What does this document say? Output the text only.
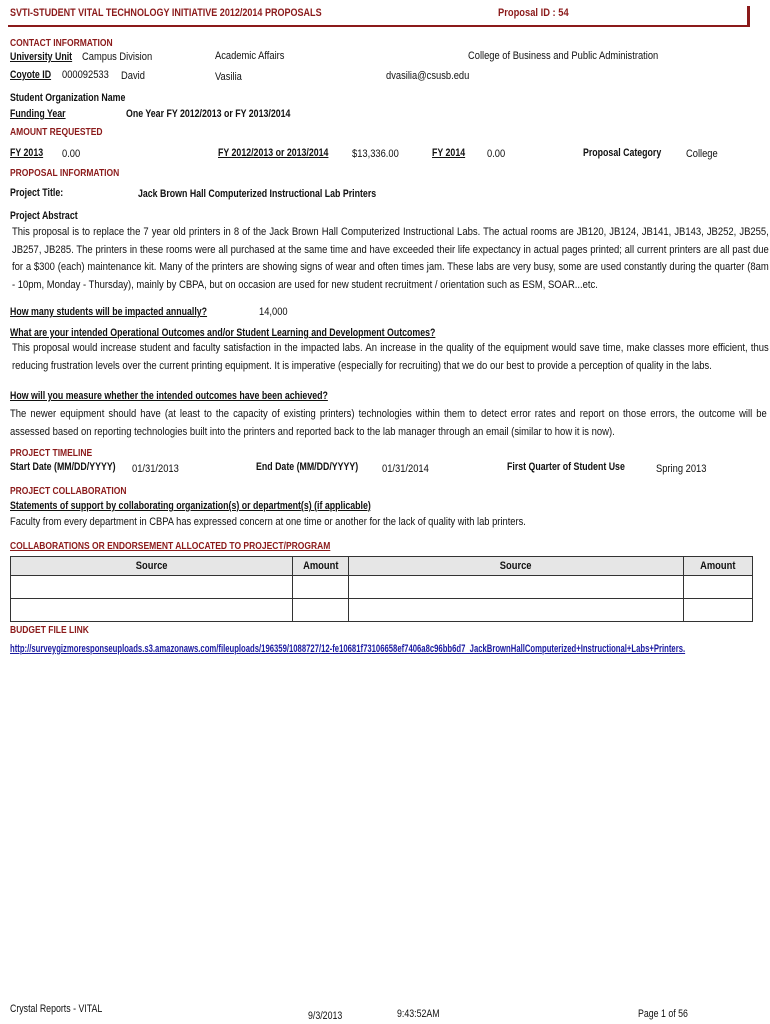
SVTI-STUDENT VITAL TECHNOLOGY INITIATIVE 2012/2014 PROPOSALS	Proposal ID : 54
CONTACT INFORMATION
University Unit Campus Division	Academic Affairs	College of Business and Public Administration
Coyote ID 000092533 David	Vasilia	dvasilia@csusb.edu
Student Organization Name
Funding Year	One Year FY 2012/2013 or FY 2013/2014
AMOUNT REQUESTED
FY 2013 0.00	FY 2012/2013 or 2013/2014 $13,336.00	FY 2014 0.00	Proposal Category College
PROPOSAL INFORMATION
Project Title:	Jack Brown Hall Computerized Instructional Lab Printers
Project Abstract
This proposal is to replace the 7 year old printers in 8 of the Jack Brown Hall Computerized Instructional Labs. The actual rooms are JB120, JB124, JB141, JB143, JB252, JB255, JB257, JB285. The printers in these rooms were all purchased at the same time and have exceeded their life expectancy in actual pages printed; all current printers are all past due for a $300 (each) maintenance kit. Many of the printers are showing signs of wear and often times jam. These labs are very busy, some are used constantly during the quarter (8am - 10pm, Monday - Thursday), mainly by CBPA, but on occasion are used for new student recruitment / orientation such as ESM, SOAR...etc.
How many students will be impacted annually?	14,000
What are your intended Operational Outcomes and/or Student Learning and Development Outcomes?
This proposal would increase student and faculty satisfaction in the impacted labs. An increase in the quality of the equipment would save time, make classes more efficient, thus reducing frustration levels over the current printing equipment. It is imperative (especially for recruiting) that we do our best to provide a perception of quality in the labs.
How will you measure whether the intended outcomes have been achieved?
The newer equipment should have (at least to the capacity of existing printers) technologies within them to detect error rates and report on those errors, the outcome will be assessed based on reporting technologies built into the printers and reported back to the lab manager through an email (similar to how it is now).
PROJECT TIMELINE
Start Date (MM/DD/YYYY) 01/31/2013	End Date (MM/DD/YYYY) 01/31/2014	First Quarter of Student Use	Spring 2013
PROJECT COLLABORATION
Statements of support by collaborating organization(s) or department(s) (if applicable)
Faculty from every department in CBPA has expressed concern at one time or another for the lack of quality with lab printers.
COLLABORATIONS OR ENDORSEMENT ALLOCATED TO PROJECT/PROGRAM
Source	Amount	Source	Amount

BUDGET FILE LINK
http://surveygizmoresponseuploads.s3.amazonaws.com/fileuploads/196359/1088727/12-fe10681f73106658ef7406a8c96bb6d7_JackBrownHallComputerized+Instructional+Labs+Printers.
Crystal Reports - VITAL
9/3/2013	9:43:52AM	Page 1 of 56
